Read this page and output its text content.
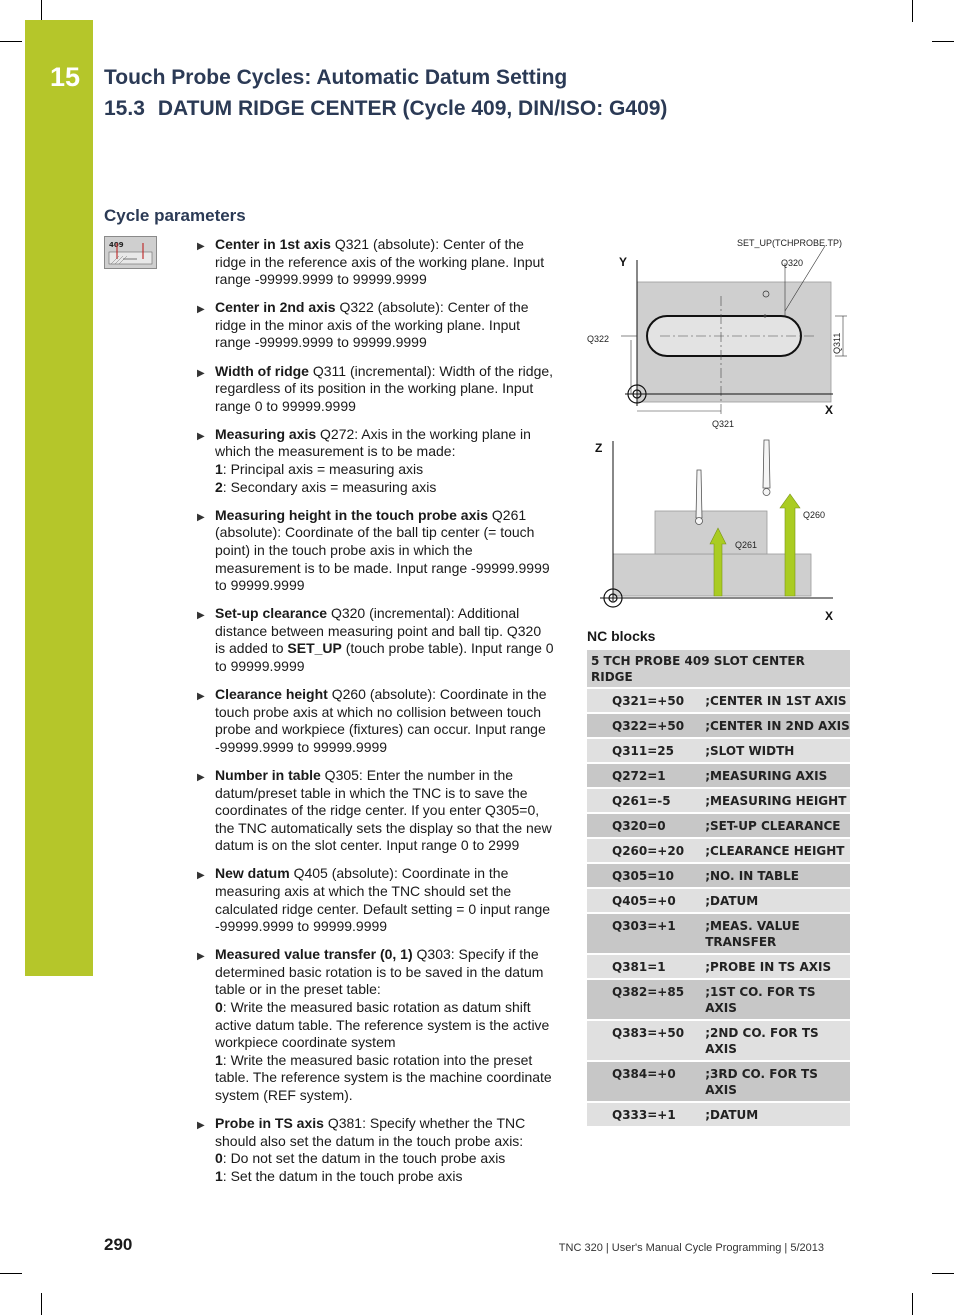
15 Touch Probe Cycles: Automatic Datum Setting
15.3 DATUM RIDGE CENTER (Cycle 409, DIN/ISO: G409)
Cycle parameters
409	▶ Center in 1st axis Q321 (absolute): Center of the ridge in the reference axis of the working plane. Input range -99999.9999 to 99999.9999
▶ Center in 2nd axis Q322 (absolute): Center of the ridge in the minor axis of the working plane. Input range -99999.9999 to 99999.9999
▶ Width of ridge Q311 (incremental): Width of the ridge, regardless of its position in the working plane. Input range 0 to 99999.9999
▶ Measuring axis Q272: Axis in the working plane in which the measurement is to be made:
1: Principal axis = measuring axis
2: Secondary axis = measuring axis
▶ Measuring height in the touch probe axis Q261 (absolute): Coordinate of the ball tip center (= touch point) in the touch probe axis in which the measurement is to be made. Input range -99999.9999 to 99999.9999
▶ Set-up clearance Q320 (incremental): Additional distance between measuring point and ball tip. Q320 is added to SET_UP (touch probe table). Input range 0 to 99999.9999
▶ Clearance height Q260 (absolute): Coordinate in the touch probe axis at which no collision between touch probe and workpiece (fixtures) can occur. Input range -99999.9999 to 99999.9999
▶ Number in table Q305: Enter the number in the datum/preset table in which the TNC is to save the coordinates of the ridge center. If you enter Q305=0, the TNC automatically sets the display so that the new datum is on the slot center. Input range 0 to 2999
▶ New datum Q405 (absolute): Coordinate in the measuring axis at which the TNC should set the calculated ridge center. Default setting = 0 input range -99999.9999 to 99999.9999
▶ Measured value transfer (0, 1) Q303: Specify if the determined basic rotation is to be saved in the datum table or in the preset table:
0: Write the measured basic rotation as datum shift active datum table. The reference system is the active workpiece coordinate system
1: Write the measured basic rotation into the preset table. The reference system is the machine coordinate system (REF system).
▶ Probe in TS axis Q381: Specify whether the TNC should also set the datum in the touch probe axis:
0: Do not set the datum in the touch probe axis
1: Set the datum in the touch probe axis
SET_UP(TCHPROBE.TP)
Q320
Y
X
Q322
Q321
Q311
Z
X
Q260
Q261
NC blocks
5 TCH PROBE 409 SLOT CENTER RIDGE	
Q321=+50	;CENTER IN 1ST AXIS
Q322=+50	;CENTER IN 2ND AXIS
Q311=25	;SLOT WIDTH
Q272=1	;MEASURING AXIS
Q261=-5	;MEASURING HEIGHT
Q320=0	;SET-UP CLEARANCE
Q260=+20	;CLEARANCE HEIGHT
Q305=10	;NO. IN TABLE
Q405=+0	;DATUM
Q303=+1	;MEAS. VALUE TRANSFER
Q381=1	;PROBE IN TS AXIS
Q382=+85	;1ST CO. FOR TS AXIS
Q383=+50	;2ND CO. FOR TS AXIS
Q384=+0	;3RD CO. FOR TS AXIS
Q333=+1	;DATUM
290	TNC 320 | User's Manual Cycle Programming | 5/2013
